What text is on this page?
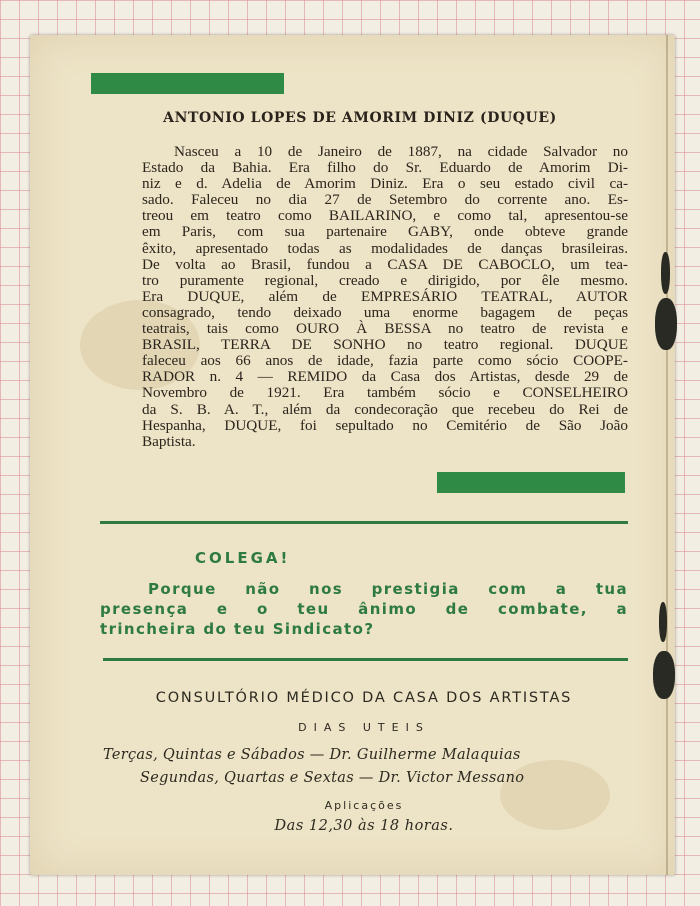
ANTONIO LOPES DE AMORIM DINIZ (DUQUE)
Nasceu a 10 de Janeiro de 1887, na cidade Salvador no
Estado da Bahia. Era filho do Sr. Eduardo de Amorim Di-
niz e d. Adelia de Amorim Diniz. Era o seu estado civil ca-
sado. Faleceu no dia 27 de Setembro do corrente ano. Es-
treou em teatro como BAILARINO, e como tal, apresentou-se
em Paris, com sua partenaire GABY, onde obteve grande
êxito, apresentado todas as modalidades de danças brasileiras.
De volta ao Brasil, fundou a CASA DE CABOCLO, um tea-
tro puramente regional, creado e dirigido, por êle mesmo.
Era DUQUE, além de EMPRESÁRIO TEATRAL, AUTOR
consagrado, tendo deixado uma enorme bagagem de peças
teatrais, tais como OURO À BESSA no teatro de revista e
BRASIL, TERRA DE SONHO no teatro regional. DUQUE
faleceu aos 66 anos de idade, fazia parte como sócio COOPE-
RADOR n. 4 — REMIDO da Casa dos Artistas, desde 29 de
Novembro de 1921. Era também sócio e CONSELHEIRO
da S. B. A. T., além da condecoração que recebeu do Rei de
Hespanha, DUQUE, foi sepultado no Cemitério de São João
Baptista.
COLEGA!
Porque não nos prestigia com a tua
presença e o teu ânimo de combate, a
trincheira do teu Sindicato?
CONSULTÓRIO MÉDICO DA CASA DOS ARTISTAS
DIAS UTEIS
Terças, Quintas e Sábados — Dr. Guilherme Malaquias
Segundas, Quartas e Sextas — Dr. Victor Messano
Aplicações
Das 12,30 às 18 horas.
